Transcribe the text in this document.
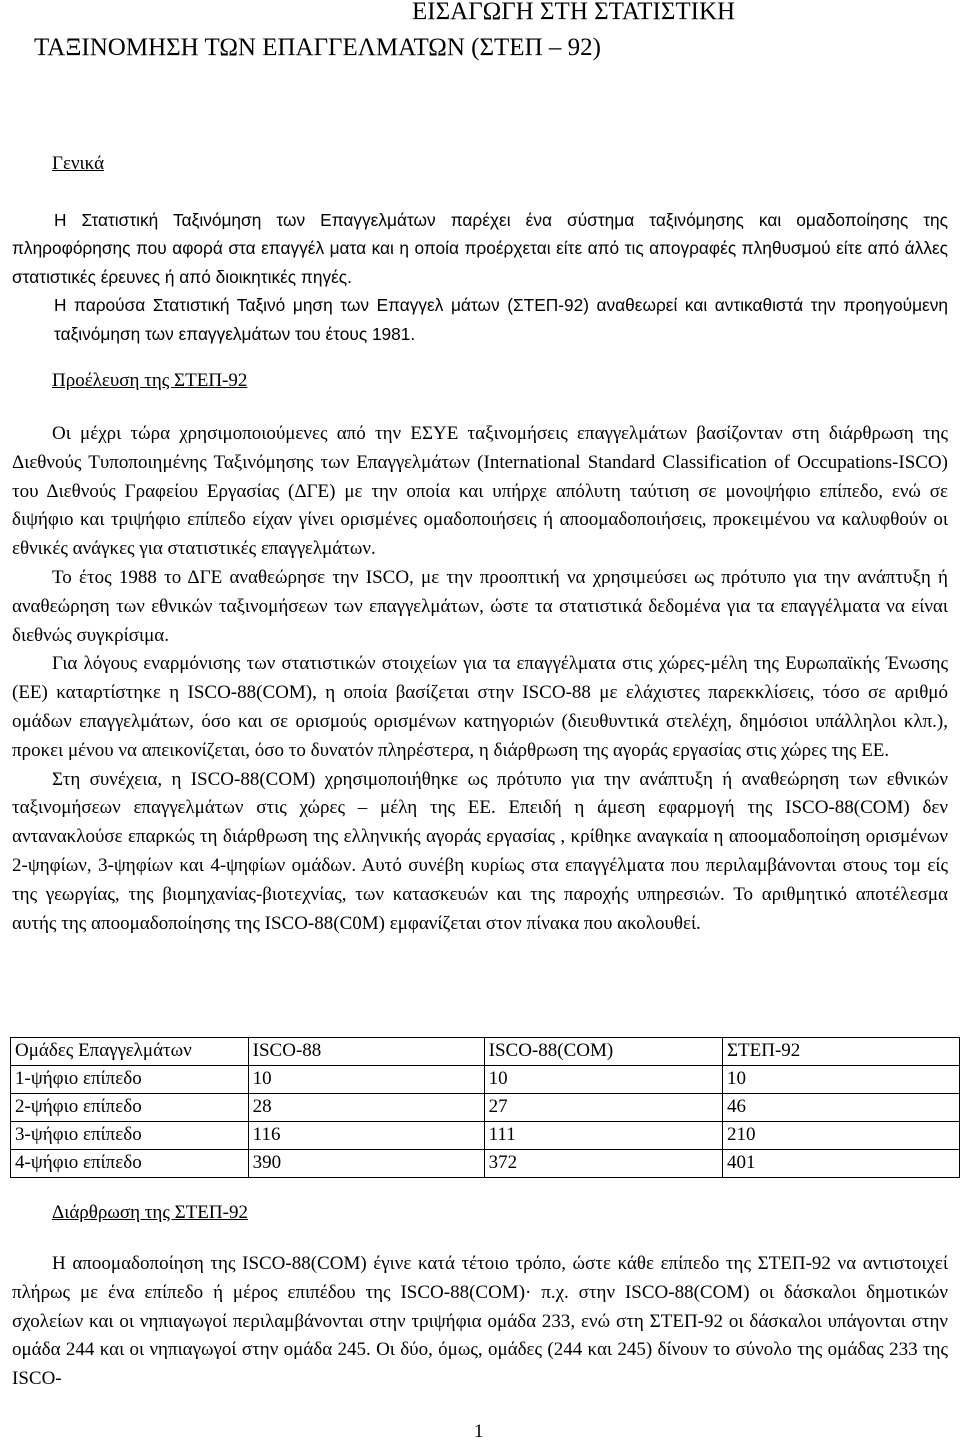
ΕΙΣΑΓΩΓΗ ΣΤΗ ΣΤΑΤΙΣΤΙΚΗ
ΤΑΞΙΝΟΜΗΣΗ ΤΩΝ ΕΠΑΓΓΕΛΜΑΤΩΝ (ΣΤΕΠ – 92)
Γενικά

Η Στατιστική Ταξινόμηση των Επαγγελμάτων παρέχει ένα σύστημα ταξινόμησης και ομαδοποίησης της πληροφόρησης που αφορά στα επαγγέλ ματα και η οποία προέρχεται είτε από τις απογραφές πληθυσμού είτε από άλλες στατιστικές έρευνες ή από διοικητικές πηγές.

Η παρούσα Στατιστική Ταξινό μηση των Επαγγελ μάτων (ΣΤΕΠ-92) αναθεωρεί και αντικαθιστά την προηγούμενη ταξινόμηση των επαγγελμάτων του έτους 1981.

Προέλευση της ΣΤΕΠ-92

Οι μέχρι τώρα χρησιμοποιούμενες από την ΕΣΥΕ ταξινομήσεις επαγγελμάτων βασίζονταν στη διάρθρωση της Διεθνούς Τυποποιημένης Ταξινόμησης των Επαγγελμάτων (International Standard Classification of Occupations-ISCO) του Διεθνούς Γραφείου Εργασίας (ΔΓΕ) με την οποία και υπήρχε απόλυτη ταύτιση σε μονοψήφιο επίπεδο, ενώ σε διψήφιο και τριψήφιο επίπεδο είχαν γίνει ορισμένες ομαδοποιήσεις ή αποομαδοποιήσεις, προκειμένου να καλυφθούν οι εθνικές ανάγκες για στατιστικές επαγγελμάτων.

Το έτος 1988 το ΔΓΕ αναθεώρησε την ISCO, με την προοπτική να χρησιμεύσει ως πρότυπο για την ανάπτυξη ή αναθεώρηση των εθνικών ταξινομήσεων των επαγγελμάτων, ώστε τα στατιστικά δεδομένα για τα επαγγέλματα να είναι διεθνώς συγκρίσιμα.

Για λόγους εναρμόνισης των στατιστικών στοιχείων για τα επαγγέλματα στις χώρες-μέλη της Ευρωπαϊκής Ένωσης (ΕΕ) καταρτίστηκε η ISCO-88(COM), η οποία βασίζεται στην ISCO-88 με ελάχιστες παρεκκλίσεις, τόσο σε αριθμό ομάδων επαγγελμάτων, όσο και σε ορισμούς ορισμένων κατηγοριών (διευθυντικά στελέχη, δημόσιοι υπάλληλοι κλπ.), προκει μένου να απεικονίζεται, όσο το δυνατόν πληρέστερα, η διάρθρωση της αγοράς εργασίας στις χώρες της ΕΕ.

Στη συνέχεια, η ISCO-88(COM) χρησιμοποιήθηκε ως πρότυπο για την ανάπτυξη ή αναθεώρηση των εθνικών ταξινομήσεων επαγγελμάτων στις χώρες – μέλη της ΕΕ. Επειδή η άμεση εφαρμογή της ISCO-88(COM) δεν αντανακλούσε επαρκώς τη διάρθρωση της ελληνικής αγοράς εργασίας , κρίθηκε αναγκαία η αποομαδοποίηση ορισμένων 2-ψηφίων, 3-ψηφίων και 4-ψηφίων ομάδων. Αυτό συνέβη κυρίως στα επαγγέλματα που περιλαμβάνονται στους τομ είς της γεωργίας, της βιομηχανίας-βιοτεχνίας, των κατασκευών και της παροχής υπηρεσιών. Το αριθμητικό αποτέλεσμα αυτής της αποομαδοποίησης της ISCO-88(C0M) εμφανίζεται στον πίνακα που ακολουθεί.

Ομάδες Επαγγελμάτων	ISCO-88	ISCO-88(COM)	ΣΤΕΠ-92
1-ψήφιο επίπεδο	10	10	10
2-ψήφιο επίπεδο	28	27	46
3-ψήφιο επίπεδο	116	111	210
4-ψήφιο επίπεδο	390	372	401
Διάρθρωση της ΣΤΕΠ-92

Η αποομαδοποίηση της ISCO-88(COM) έγινε κατά τέτοιο τρόπο, ώστε κάθε επίπεδο της ΣΤΕΠ-92 να αντιστοιχεί πλήρως με ένα επίπεδο ή μέρος επιπέδου της ISCO-88(COM)· π.χ. στην ISCO-88(COM) οι δάσκαλοι δημοτικών σχολείων και οι νηπιαγωγοί περιλαμβάνονται στην τριψήφια ομάδα 233, ενώ στη ΣΤΕΠ-92 οι δάσκαλοι υπάγονται στην ομάδα 244 και οι νηπιαγωγοί στην ομάδα 245. Οι δύο, όμως, ομάδες (244 και 245) δίνουν το σύνολο της ομάδας 233 της ISCO-

1
